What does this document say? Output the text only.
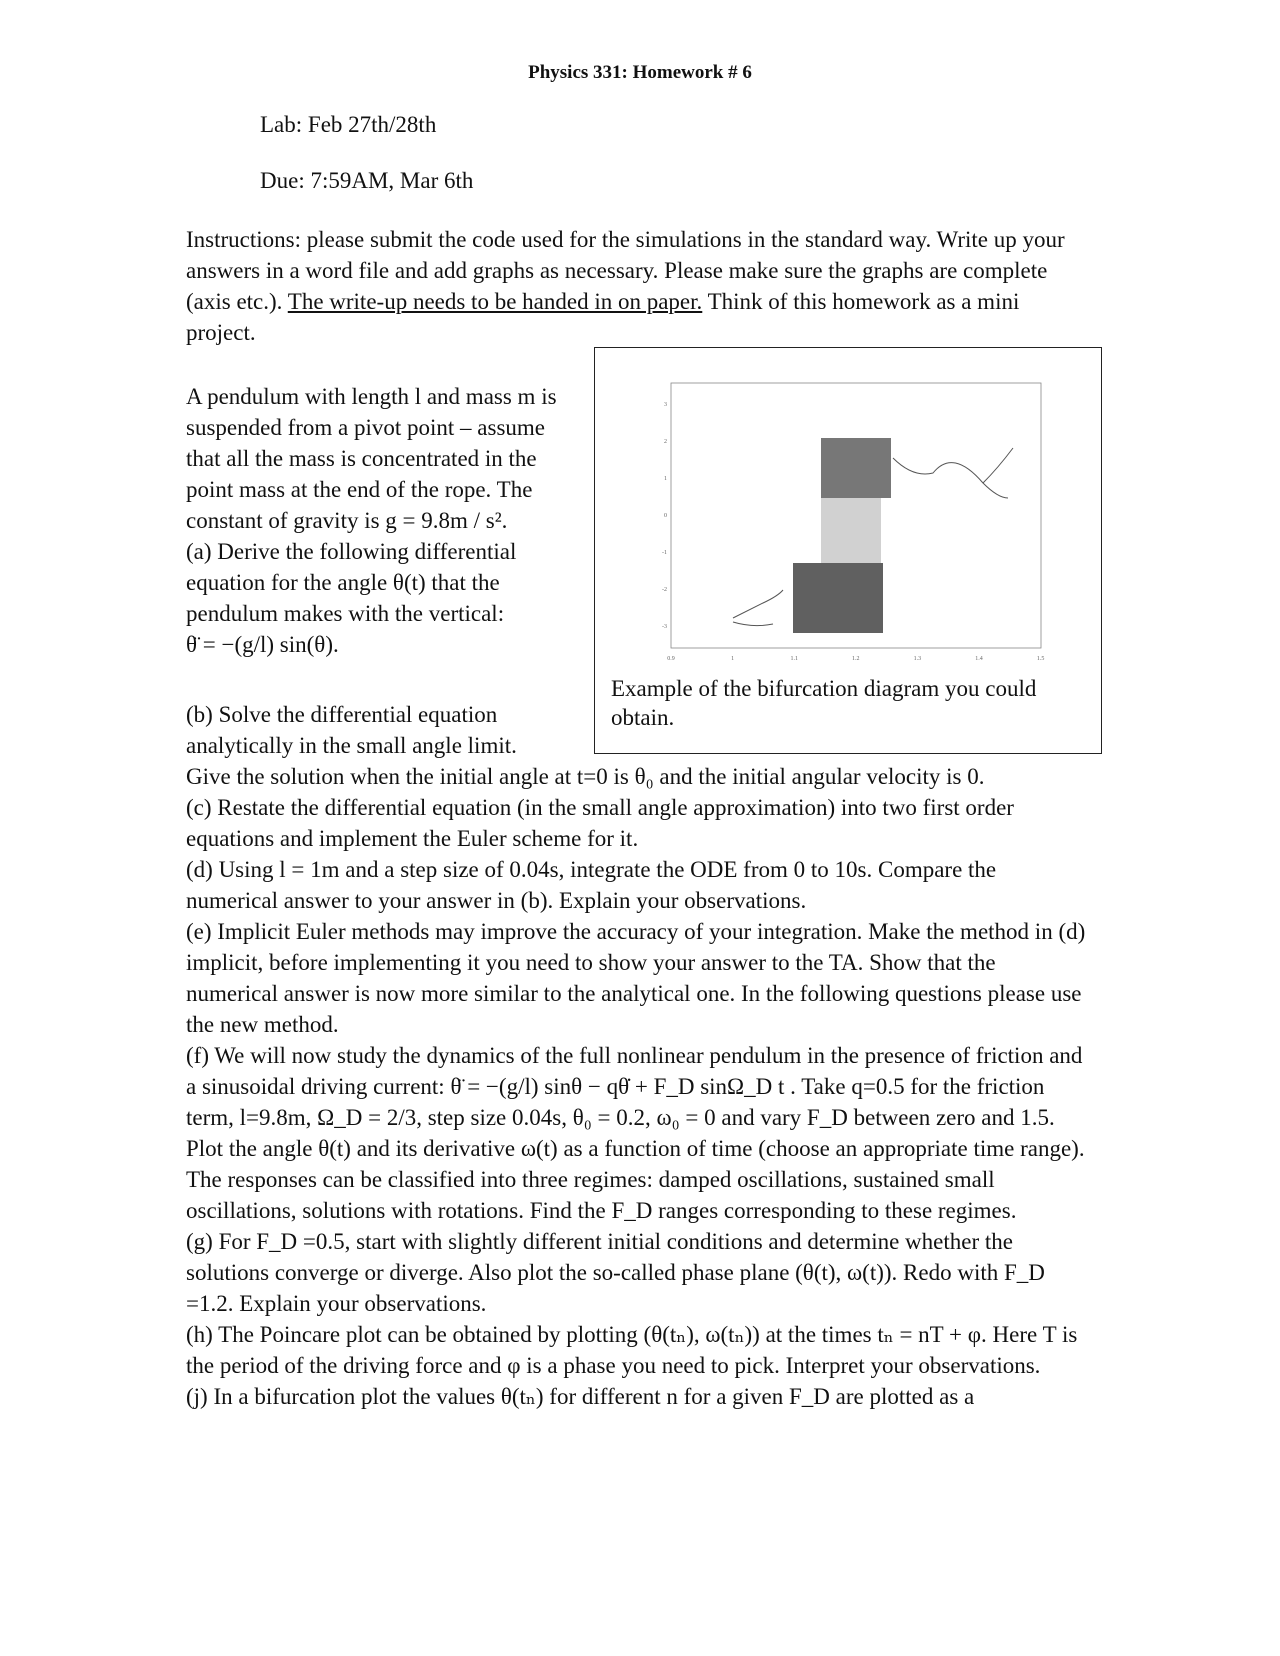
Physics 331: Homework # 6
Lab: Feb 27th/28th
Due: 7:59AM, Mar 6th
Instructions: please submit the code used for the simulations in the standard way. Write up your answers in a word file and add graphs as necessary. Please make sure the graphs are complete (axis etc.). The write-up needs to be handed in on paper. Think of this homework as a mini project.
3
2
1
0
-1
-2
-3
0.9	1	1.1	1.2	1.3	1.4	1.5
Example of the bifurcation diagram you could obtain.
A pendulum with length l and mass m is suspended from a pivot point – assume that all the mass is concentrated in the point mass at the end of the rope. The constant of gravity is g = 9.8m / s².
(a) Derive the following differential equation for the angle θ(t) that the pendulum makes with the vertical:
θ̈ = −(g/l) sin(θ).
(b) Solve the differential equation analytically in the small angle limit.
Give the solution when the initial angle at t=0 is θ₀ and the initial angular velocity is 0.
(c) Restate the differential equation (in the small angle approximation) into two first order equations and implement the Euler scheme for it.
(d) Using l = 1m and a step size of 0.04s, integrate the ODE from 0 to 10s. Compare the numerical answer to your answer in (b). Explain your observations.
(e) Implicit Euler methods may improve the accuracy of your integration. Make the method in (d) implicit, before implementing it you need to show your answer to the TA. Show that the numerical answer is now more similar to the analytical one. In the following questions please use the new method.
(f) We will now study the dynamics of the full nonlinear pendulum in the presence of friction and a sinusoidal driving current: θ̈ = −(g/l) sinθ − qθ̇ + F_D sinΩ_D t . Take q=0.5 for the friction term, l=9.8m, Ω_D = 2/3, step size 0.04s, θ₀ = 0.2, ω₀ = 0 and vary F_D between zero and 1.5. Plot the angle θ(t) and its derivative ω(t) as a function of time (choose an appropriate time range). The responses can be classified into three regimes: damped oscillations, sustained small oscillations, solutions with rotations. Find the F_D ranges corresponding to these regimes.
(g) For F_D =0.5, start with slightly different initial conditions and determine whether the solutions converge or diverge. Also plot the so-called phase plane (θ(t), ω(t)). Redo with F_D =1.2. Explain your observations.
(h) The Poincare plot can be obtained by plotting (θ(tₙ), ω(tₙ)) at the times tₙ = nT + φ. Here T is the period of the driving force and φ is a phase you need to pick. Interpret your observations.
(j) In a bifurcation plot the values θ(tₙ) for different n for a given F_D are plotted as a
